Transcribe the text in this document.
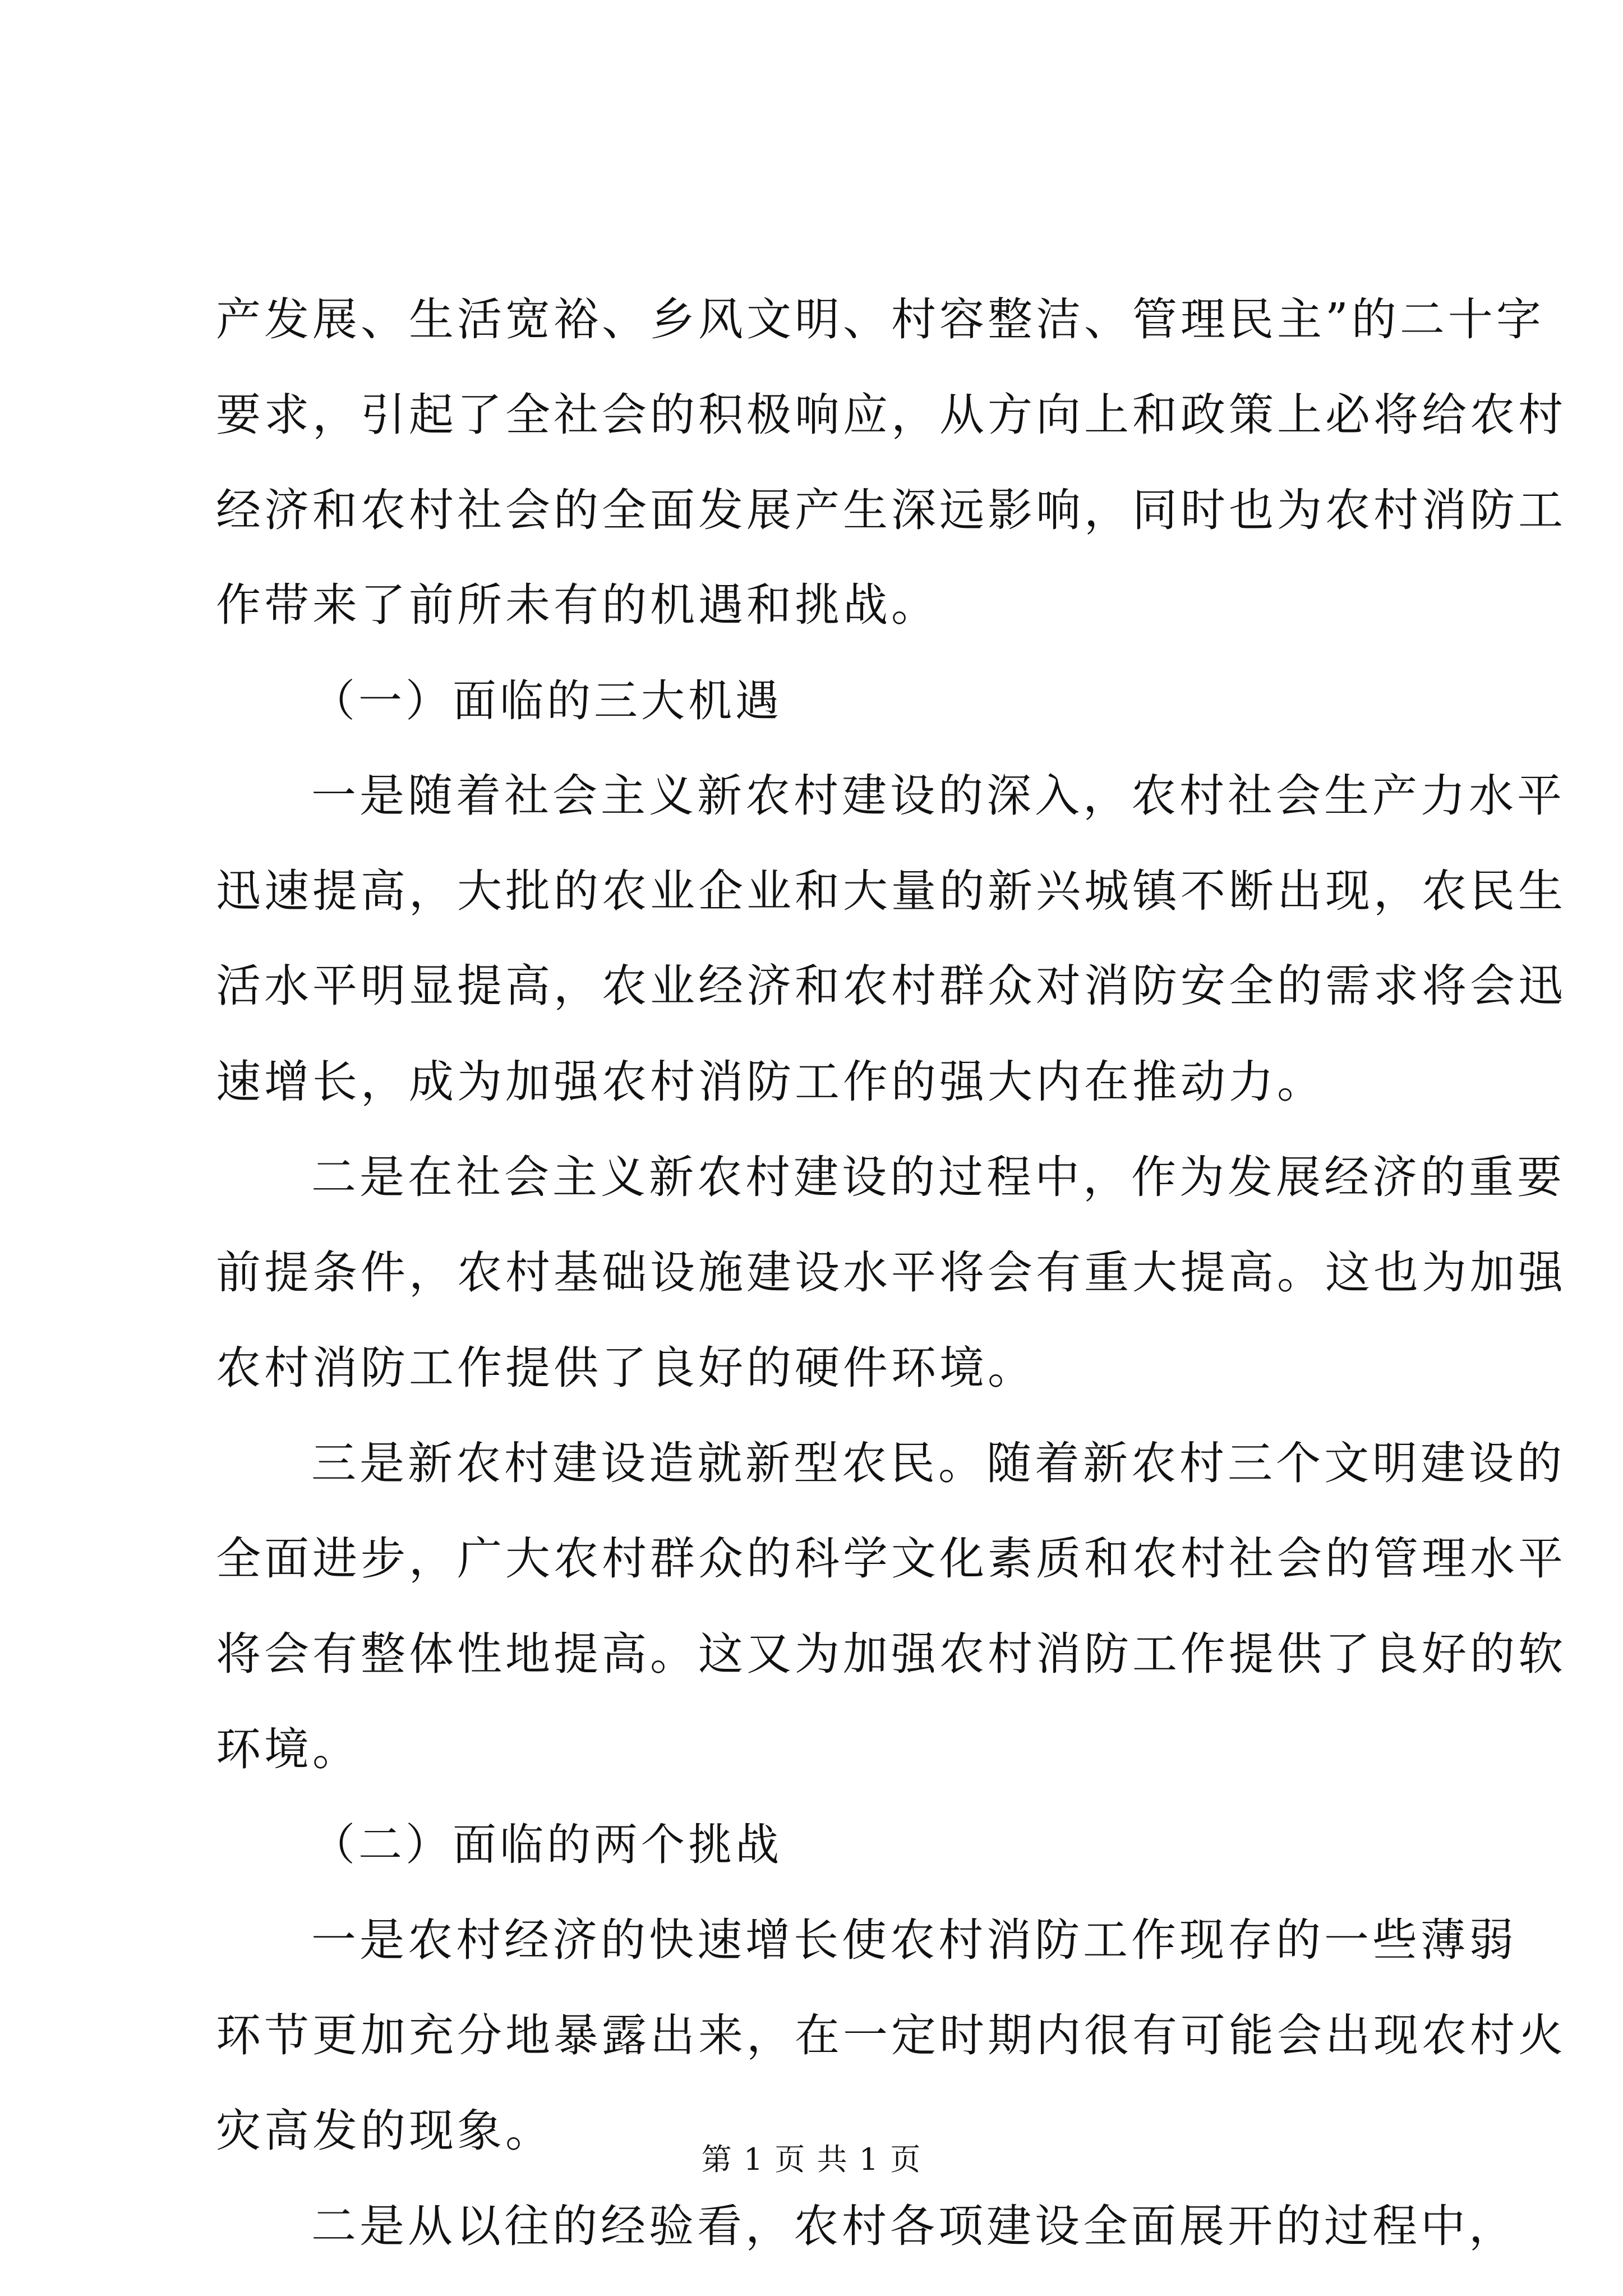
产发展、生活宽裕、乡风文明、村容整洁、管理民主”的二十字
要求，引起了全社会的积极响应，从方向上和政策上必将给农村
经济和农村社会的全面发展产生深远影响，同时也为农村消防工
作带来了前所未有的机遇和挑战。
（一）面临的三大机遇
一是随着社会主义新农村建设的深入，农村社会生产力水平
迅速提高，大批的农业企业和大量的新兴城镇不断出现，农民生
活水平明显提高，农业经济和农村群众对消防安全的需求将会迅
速增长，成为加强农村消防工作的强大内在推动力。
二是在社会主义新农村建设的过程中，作为发展经济的重要
前提条件，农村基础设施建设水平将会有重大提高。这也为加强
农村消防工作提供了良好的硬件环境。
三是新农村建设造就新型农民。随着新农村三个文明建设的
全面进步，广大农村群众的科学文化素质和农村社会的管理水平
将会有整体性地提高。这又为加强农村消防工作提供了良好的软
环境。
（二）面临的两个挑战
一是农村经济的快速增长使农村消防工作现存的一些薄弱
环节更加充分地暴露出来，在一定时期内很有可能会出现农村火
灾高发的现象。
二是从以往的经验看，农村各项建设全面展开的过程中，
第 1 页 共 1 页
